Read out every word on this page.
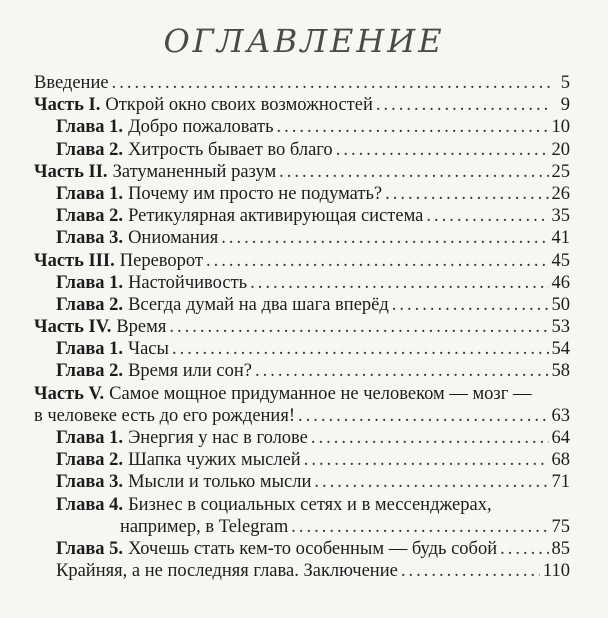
ОГЛАВЛЕНИЕ
Введение .....	5
Часть I. Открой окно своих возможностей .....	9
Глава 1. Добро пожаловать .....	10
Глава 2. Хитрость бывает во благо .....	20
Часть II. Затуманенный разум .....	25
Глава 1. Почему им просто не подумать? .....	26
Глава 2. Ретикулярная активирующая система .....	35
Глава 3. Ониомания .....	41
Часть III. Переворот .....	45
Глава 1. Настойчивость .....	46
Глава 2. Всегда думай на два шага вперёд .....	50
Часть IV. Время .....	53
Глава 1. Часы .....	54
Глава 2. Время или сон? .....	58
Часть V. Самое мощное придуманное не человеком — мозг —
в человеке есть до его рождения! .....	63
Глава 1. Энергия у нас в голове .....	64
Глава 2. Шапка чужих мыслей .....	68
Глава 3. Мысли и только мысли .....	71
Глава 4. Бизнес в социальных сетях и в мессенджерах,
например, в Telegram .....	75
Глава 5. Хочешь стать кем-то особенным — будь собой .....	85
Крайняя, а не последняя глава. Заключение .....	110
